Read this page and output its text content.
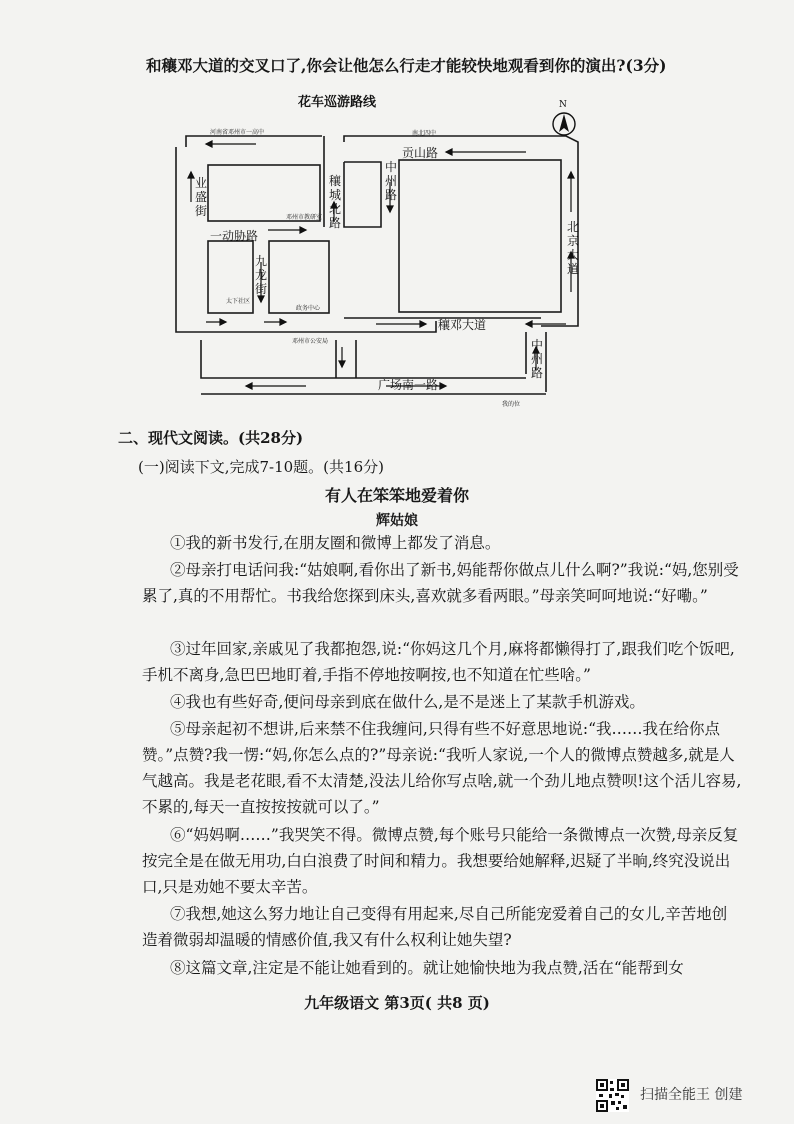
和穰邓大道的交叉口了,你会让他怎么行走才能较快地观看到你的演出?(3分)
花车巡游路线	N
业盛街
一动胁路
九龙街
穰城北路
中州路
贡山路
北京大道
穰邓大道
中州路
广场南一路
河南省邓州市一高中	南北四中
邓州市教研室
太下社区
政务中心
邓州市公安局
我的位
二、现代文阅读。(共28分)
(一)阅读下文,完成7-10题。(共16分)
有人在笨笨地爱着你
辉姑娘
①我的新书发行,在朋友圈和微博上都发了消息。
②母亲打电话问我:“姑娘啊,看你出了新书,妈能帮你做点儿什么啊?”我说:“妈,您别受累了,真的不用帮忙。书我给您探到床头,喜欢就多看两眼。”母亲笑呵呵地说:“好嘞。”
③过年回家,亲戚见了我都抱怨,说:“你妈这几个月,麻将都懒得打了,跟我们吃个饭吧,手机不离身,急巴巴地盯着,手指不停地按啊按,也不知道在忙些啥。”
④我也有些好奇,便问母亲到底在做什么,是不是迷上了某款手机游戏。
⑤母亲起初不想讲,后来禁不住我缠问,只得有些不好意思地说:“我……我在给你点赞。”点赞?我一愣:“妈,你怎么点的?”母亲说:“我听人家说,一个人的微博点赞越多,就是人气越高。我是老花眼,看不太清楚,没法儿给你写点啥,就一个劲儿地点赞呗!这个活儿容易,不累的,每天一直按按按就可以了。”
⑥“妈妈啊……”我哭笑不得。微博点赞,每个账号只能给一条微博点一次赞,母亲反复按完全是在做无用功,白白浪费了时间和精力。我想要给她解释,迟疑了半晌,终究没说出口,只是劝她不要太辛苦。
⑦我想,她这么努力地让自己变得有用起来,尽自己所能宠爱着自己的女儿,辛苦地创造着微弱却温暖的情感价值,我又有什么权利让她失望?
⑧这篇文章,注定是不能让她看到的。就让她愉快地为我点赞,活在“能帮到女
九年级语文 第3页( 共8 页)
扫描全能王 创建
